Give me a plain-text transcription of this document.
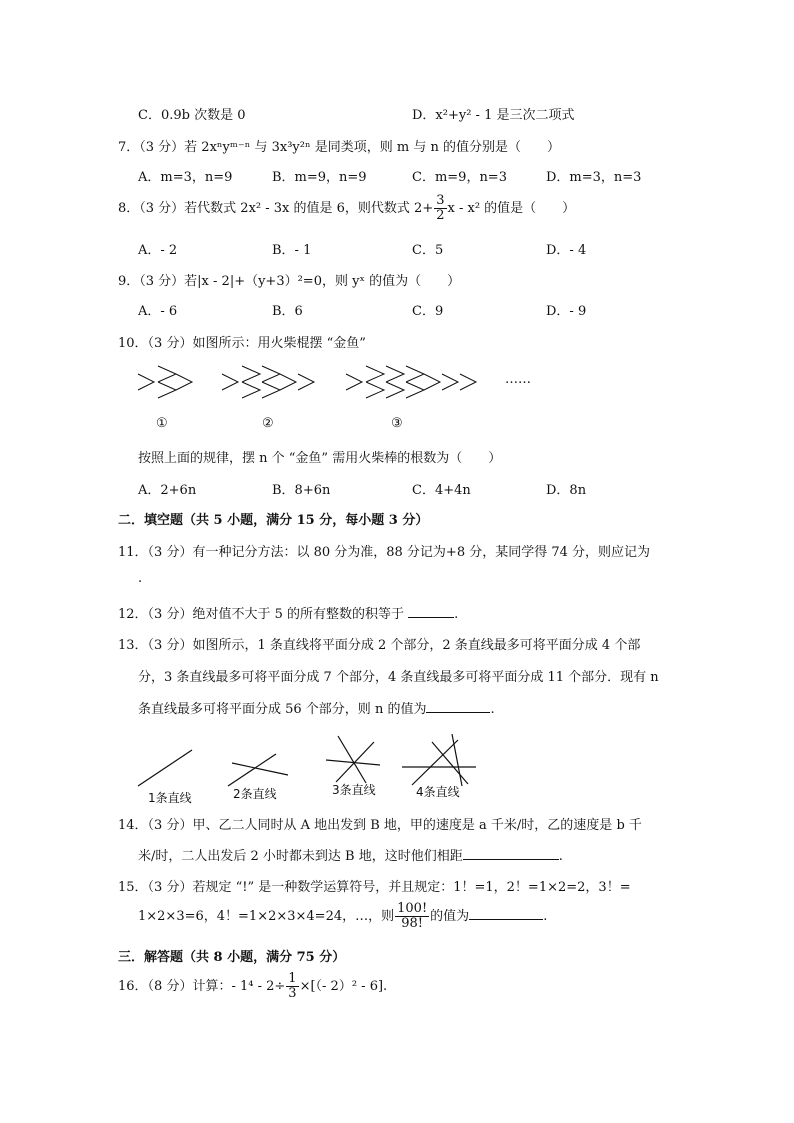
C．0.9b 次数是 0	D．x²+y² - 1 是三次二项式
7．（3 分）若 2xⁿyᵐ⁻ⁿ 与 3x³y²ⁿ 是同类项，则 m 与 n 的值分别是（　　）
A．m=3，n=9	B．m=9，n=9	C．m=9，n=3	D．m=3，n=3
8．（3 分）若代数式 2x² - 3x 的值是 6，则代数式 $2+ \frac{3}{2}$ x - x² 的值是（　　）
A．- 2	B．- 1	C．5	D．- 4
9．（3 分）若|x - 2|+（y+3）²=0，则 yˣ 的值为（　　）
A．- 6	B．6	C．9	D．- 9
10．（3 分）如图所示：用火柴棍摆 “金鱼”
……
①	②	③
按照上面的规律，摆 n 个 “金鱼” 需用火柴棒的根数为（　　）
A．2+6n	B．8+6n	C．4+4n	D．8n
二．填空题（共 5 小题，满分 15 分，每小题 3 分）
11．（3 分）有一种记分方法：以 80 分为准，88 分记为+8 分，某同学得 74 分，则应记为
.
12．（3 分）绝对值不大于 5 的所有整数的积等于	.
13．（3 分）如图所示，1 条直线将平面分成 2 个部分，2 条直线最多可将平面分成 4 个部
分，3 条直线最多可将平面分成 7 个部分，4 条直线最多可将平面分成 11 个部分．现有 n
条直线最多可将平面分成 56 个部分，则 n 的值为	.
1条直线	2条直线	3条直线	4条直线
14．（3 分）甲、乙二人同时从 A 地出发到 B 地，甲的速度是 a 千米/时，乙的速度是 b 千
米/时，二人出发后 2 小时都未到达 B 地，这时他们相距	.
15．（3 分）若规定 “!” 是一种数学运算符号，并且规定：1！=1，2！=1×2=2，3！=
1×2×3=6，4！=1×2×3×4=24，…，则 $\frac{100!}{98!}$ 的值为	.
三．解答题（共 8 小题，满分 75 分）
16．（8 分）计算：- $1^4 - 2\div \frac{1}{3}$ ×[（- 2）² - 6].
